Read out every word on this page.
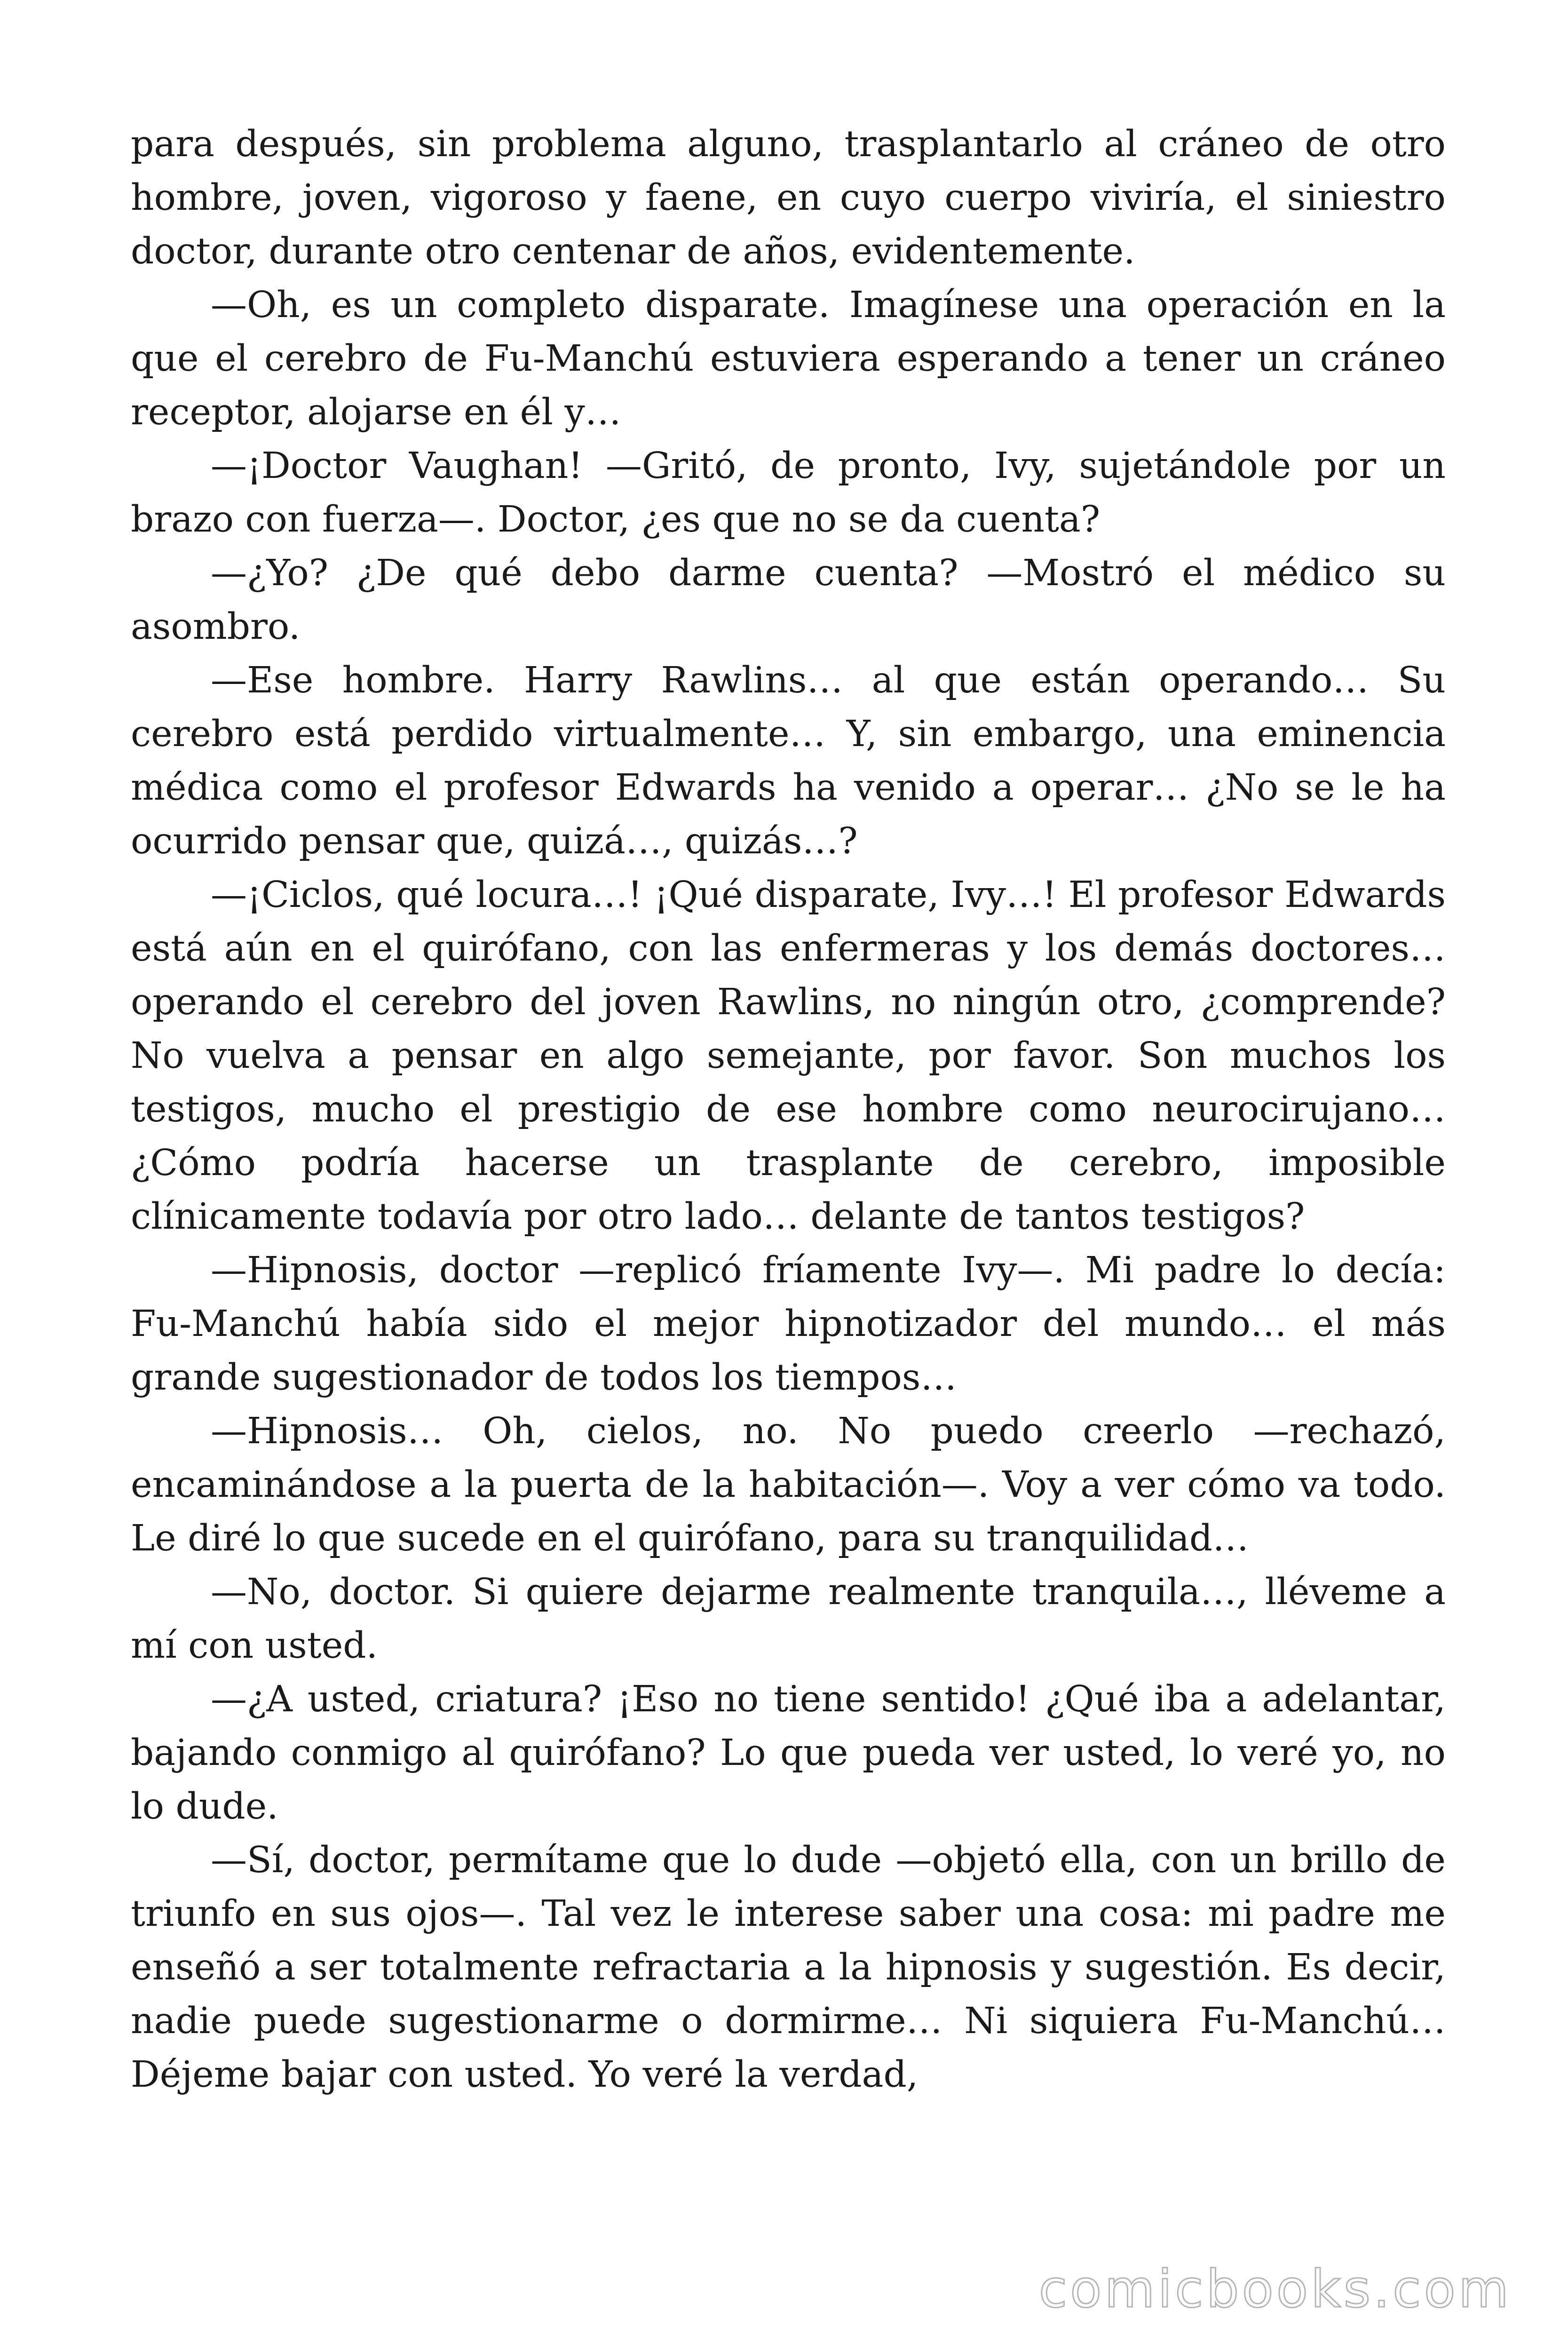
para después, sin problema alguno, trasplantarlo al cráneo de otro hombre, joven, vigoroso y faene, en cuyo cuerpo viviría, el siniestro doctor, durante otro centenar de años, evidentemente.

—Oh, es un completo disparate. Imagínese una operación en la que el cerebro de Fu-Manchú estuviera esperando a tener un cráneo receptor, alojarse en él y…

—¡Doctor Vaughan! —Gritó, de pronto, Ivy, sujetándole por un brazo con fuerza—. Doctor, ¿es que no se da cuenta?

—¿Yo? ¿De qué debo darme cuenta? —Mostró el médico su asombro.

—Ese hombre. Harry Rawlins… al que están operando… Su cerebro está perdido virtualmente… Y, sin embargo, una eminencia médica como el profesor Edwards ha venido a operar… ¿No se le ha ocurrido pensar que, quizá…, quizás…?

—¡Ciclos, qué locura…! ¡Qué disparate, Ivy…! El profesor Edwards está aún en el quirófano, con las enfermeras y los demás doctores… operando el cerebro del joven Rawlins, no ningún otro, ¿comprende? No vuelva a pensar en algo semejante, por favor. Son muchos los testigos, mucho el prestigio de ese hombre como neurocirujano… ¿Cómo podría hacerse un trasplante de cerebro, imposible clínicamente todavía por otro lado… delante de tantos testigos?

—Hipnosis, doctor —replicó fríamente Ivy—. Mi padre lo decía: Fu-Manchú había sido el mejor hipnotizador del mundo… el más grande sugestionador de todos los tiempos…

—Hipnosis… Oh, cielos, no. No puedo creerlo —rechazó, encaminándose a la puerta de la habitación—. Voy a ver cómo va todo. Le diré lo que sucede en el quirófano, para su tranquilidad…

—No, doctor. Si quiere dejarme realmente tranquila…, lléveme a mí con usted.

—¿A usted, criatura? ¡Eso no tiene sentido! ¿Qué iba a adelantar, bajando conmigo al quirófano? Lo que pueda ver usted, lo veré yo, no lo dude.

—Sí, doctor, permítame que lo dude —objetó ella, con un brillo de triunfo en sus ojos—. Tal vez le interese saber una cosa: mi padre me enseñó a ser totalmente refractaria a la hipnosis y sugestión. Es decir, nadie puede sugestionarme o dormirme… Ni siquiera Fu-Manchú… Déjeme bajar con usted. Yo veré la verdad,

comicbooks.com
